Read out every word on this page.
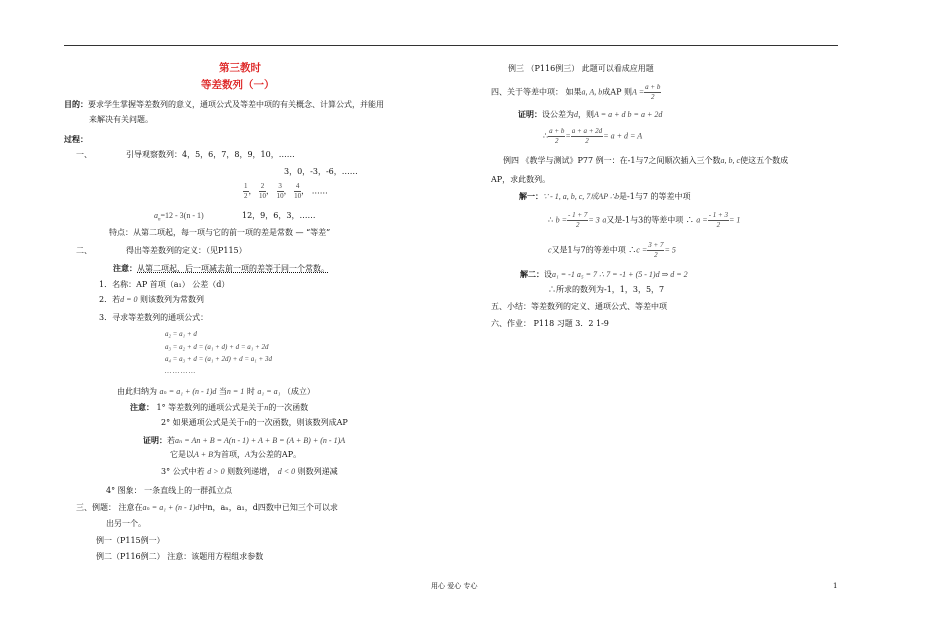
第三教时
等差数列（一）
目的：要求学生掌握等差数列的意义，通项公式及等差中项的有关概念、计算公式，并能用
来解决有关问题。
过程：
一、	引导观察数列：4，5，6，7，8，9，10，……
3，0，-3，-6，……
$\frac{1}{2}$ ， $\frac{2}{10}$ ， $\frac{3}{10}$ ， $\frac{4}{10}$ ， ……
$a_n=12 - 3(n - 1)$	12，9，6，3，……
特点：从第二项起，每一项与它的前一项的差是常数 — “等差”
二、	得出等差数列的定义：（见P115）
注意：从第二项起，后一项减去前一项的差等于同一个常数。
1．名称：AP 首项（a₁） 公差（d）
2．若d = 0 则该数列为常数列
3．寻求等差数列的通项公式：
a₂ = a₁ + d
a₃ = a₂ + d = (a₁ + d) + d = a₁ + 2d
a₄ = a₃ + d = (a₁ + 2d) + d = a₁ + 3d
… … … …
由此归纳为 aₙ = a₁ + (n - 1)d 当n = 1 时 a₁ = a₁ （成立）
注意： 1° 等差数列的通项公式是关于n的一次函数
2° 如果通项公式是关于n的一次函数，则该数列成AP
证明：若aₙ = An + B = A(n - 1) + A + B = (A + B) + (n - 1)A
它是以A + B为首项，A为公差的AP。
3° 公式中若 d > 0 则数列递增， d < 0 则数列递减
4° 图象： 一条直线上的一群孤立点
三、例题： 注意在aₙ = a₁ + (n - 1)d中n，aₙ，a₁，d四数中已知三个可以求
出另一个。
例一（P115例一）
例二（P116例二） 注意：该题用方程组求参数
例三 （P116例三） 此题可以看成应用题
四、关于等差中项： 如果a, A, b成AP 则$A = \frac{a + b}{2}$
证明：设公差为d，则A = a + d b = a + 2d
∴ $\frac{a + b}{2} = \frac{a + a + 2d}{2} = a + d = A$
例四 《教学与测试》P77 例一：在-1与7之间顺次插入三个数a, b, c使这五个数成
AP，求此数列。
解一：∵ - 1, a, b, c, 7成AP ∴b是-1与7 的等差中项
∴ $b = \frac{- 1 + 7}{2} = 3$ a又是-1与3的等差中项 ∴ $a = \frac{- 1 + 3}{2} = 1$
c又是1与7的等差中项 ∴c = $\frac{3 + 7}{2} = 5$
解二：设a₁ = -1 a₅ = 7 ∴ 7 = -1 + (5 - 1)d ⇒ d = 2
∴所求的数列为-1，1，3，5，7
五、小结：等差数列的定义、通项公式、等差中项
六、作业： P118 习题 3．2 1-9
用心 爱心 专心	1
